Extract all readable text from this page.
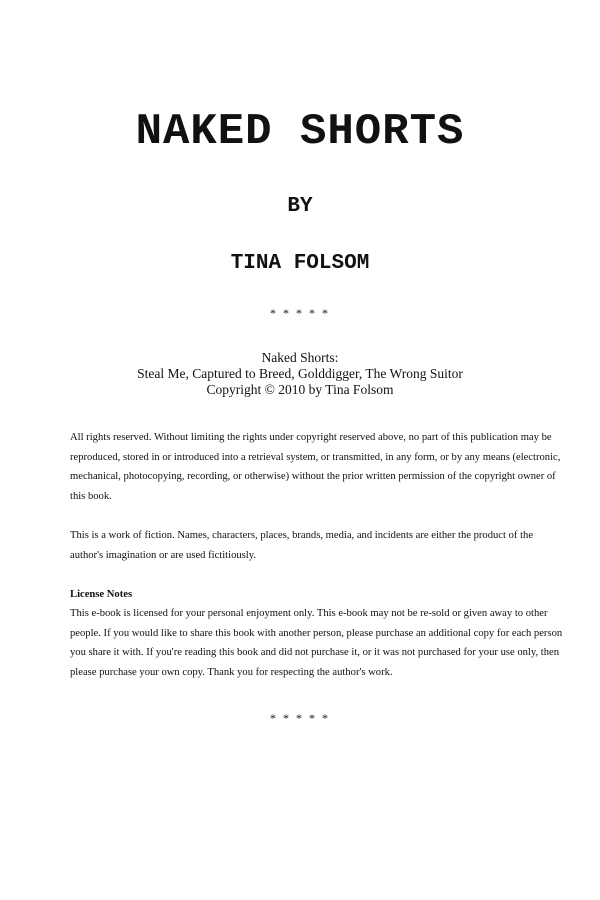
NAKED SHORTS
BY
TINA FOLSOM
* * * * *
Naked Shorts:
Steal Me, Captured to Breed, Golddigger, The Wrong Suitor
Copyright © 2010 by Tina Folsom
All rights reserved. Without limiting the rights under copyright reserved above, no part of this publication may be
reproduced, stored in or introduced into a retrieval system, or transmitted, in any form, or by any means (electronic,
mechanical, photocopying, recording, or otherwise) without the prior written permission of the copyright owner of
this book.
This is a work of fiction. Names, characters, places, brands, media, and incidents are either the product of the
author's imagination or are used fictitiously.
License Notes
This e-book is licensed for your personal enjoyment only. This e-book may not be re-sold or given away to other
people. If you would like to share this book with another person, please purchase an additional copy for each person
you share it with. If you're reading this book and did not purchase it, or it was not purchased for your use only, then
please purchase your own copy. Thank you for respecting the author's work.
* * * * *
